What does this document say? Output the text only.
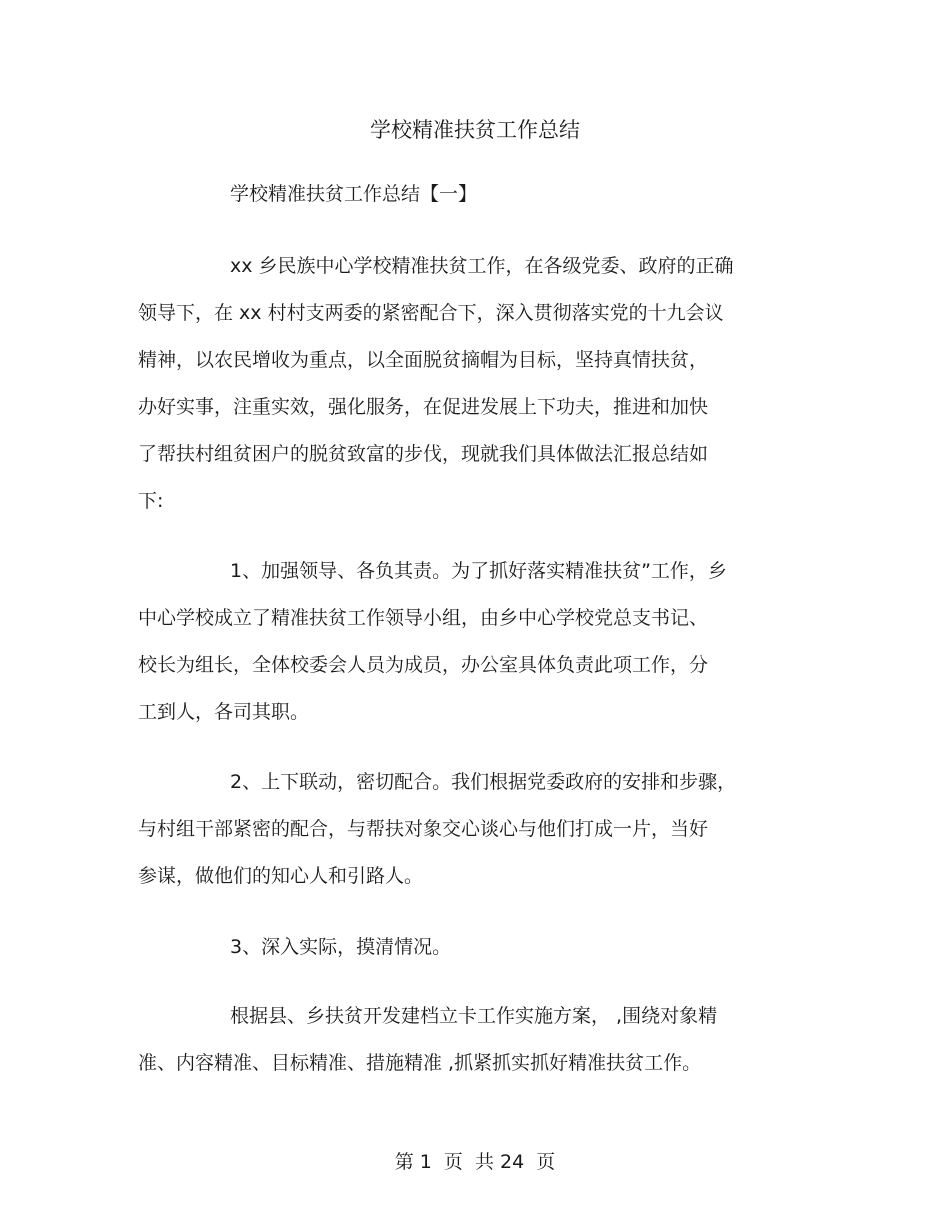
学校精准扶贫工作总结

学校精准扶贫工作总结【一】

xx 乡民族中心学校精准扶贫工作，在各级党委、政府的正确
领导下，在 xx 村村支两委的紧密配合下，深入贯彻落实党的十九会议
精神，以农民增收为重点，以全面脱贫摘帽为目标，坚持真情扶贫，
办好实事，注重实效，强化服务，在促进发展上下功夫，推进和加快
了帮扶村组贫困户的脱贫致富的步伐，现就我们具体做法汇报总结如
下:
1、加强领导、各负其责。为了抓好落实精准扶贫”工作，乡
中心学校成立了精准扶贫工作领导小组，由乡中心学校党总支书记、
校长为组长，全体校委会人员为成员，办公室具体负责此项工作，分
工到人，各司其职。
2、上下联动，密切配合。我们根据党委政府的安排和步骤，
与村组干部紧密的配合，与帮扶对象交心谈心与他们打成一片，当好
参谋，做他们的知心人和引路人。
3、深入实际，摸清情况。
根据县、乡扶贫开发建档立卡工作实施方案， ,围绕对象精
准、内容精准、目标精准、措施精准 ,抓紧抓实抓好精准扶贫工作。

第 1  页  共 24  页
